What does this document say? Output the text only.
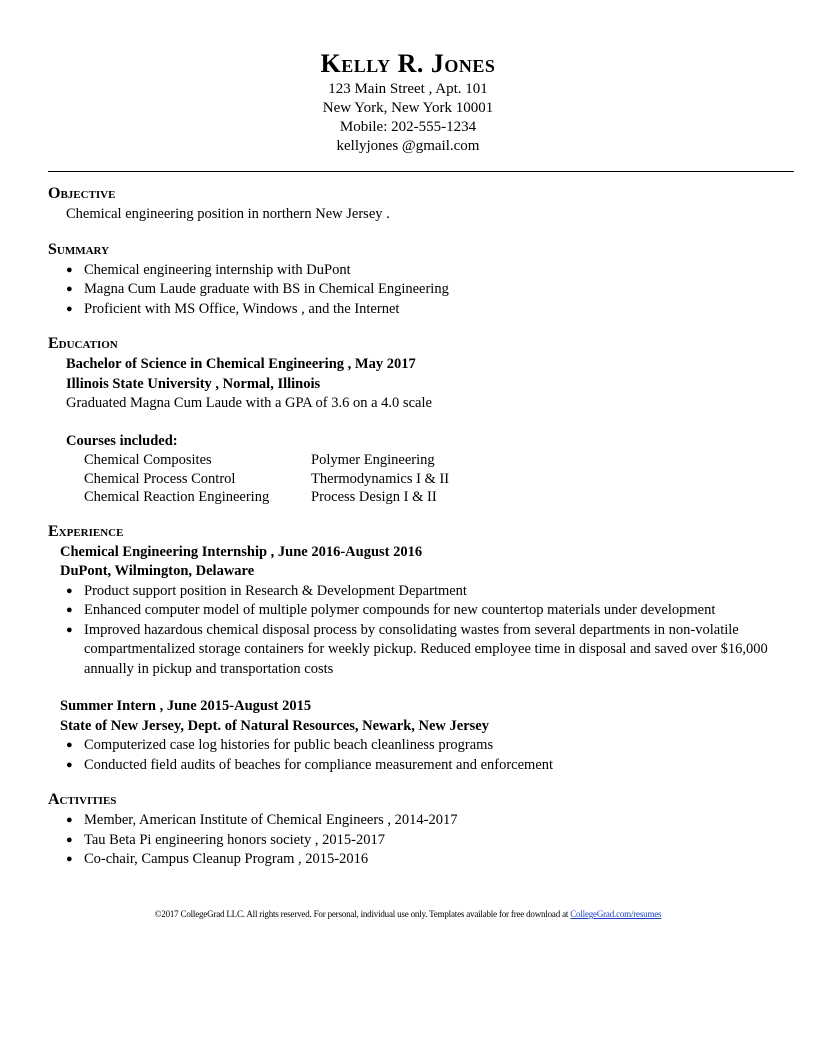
Kelly R. Jones
123 Main Street , Apt. 101
New York, New York 10001
Mobile: 202-555-1234
kellyjones @gmail.com
Objective
Chemical engineering position in northern New Jersey .
Summary
● Chemical engineering internship with DuPont
● Magna Cum Laude graduate with BS in Chemical Engineering
● Proficient with MS Office, Windows , and the Internet
Education
Bachelor of Science in Chemical Engineering , May 2017
Illinois State University , Normal, Illinois
Graduated Magna Cum Laude with a GPA of 3.6 on a 4.0 scale
Courses included:
Chemical Composites	Polymer Engineering
Chemical Process Control	Thermodynamics I & II
Chemical Reaction Engineering	Process Design I & II
Experience
Chemical Engineering Internship , June 2016-August 2016
DuPont, Wilmington, Delaware
● Product support position in Research & Development Department
● Enhanced computer model of multiple polymer compounds for new countertop materials under development
● Improved hazardous chemical disposal process by consolidating wastes from several departments in non-volatile compartmentalized storage containers for weekly pickup. Reduced employee time in disposal and saved over $16,000 annually in pickup and transportation costs
Summer Intern , June 2015-August 2015
State of New Jersey, Dept. of Natural Resources, Newark, New Jersey
● Computerized case log histories for public beach cleanliness programs
● Conducted field audits of beaches for compliance measurement and enforcement
Activities
● Member, American Institute of Chemical Engineers , 2014-2017
● Tau Beta Pi engineering honors society , 2015-2017
● Co-chair, Campus Cleanup Program , 2015-2016
©2017 CollegeGrad LLC. All rights reserved. For personal, individual use only. Templates available for free download at CollegeGrad.com/resumes
